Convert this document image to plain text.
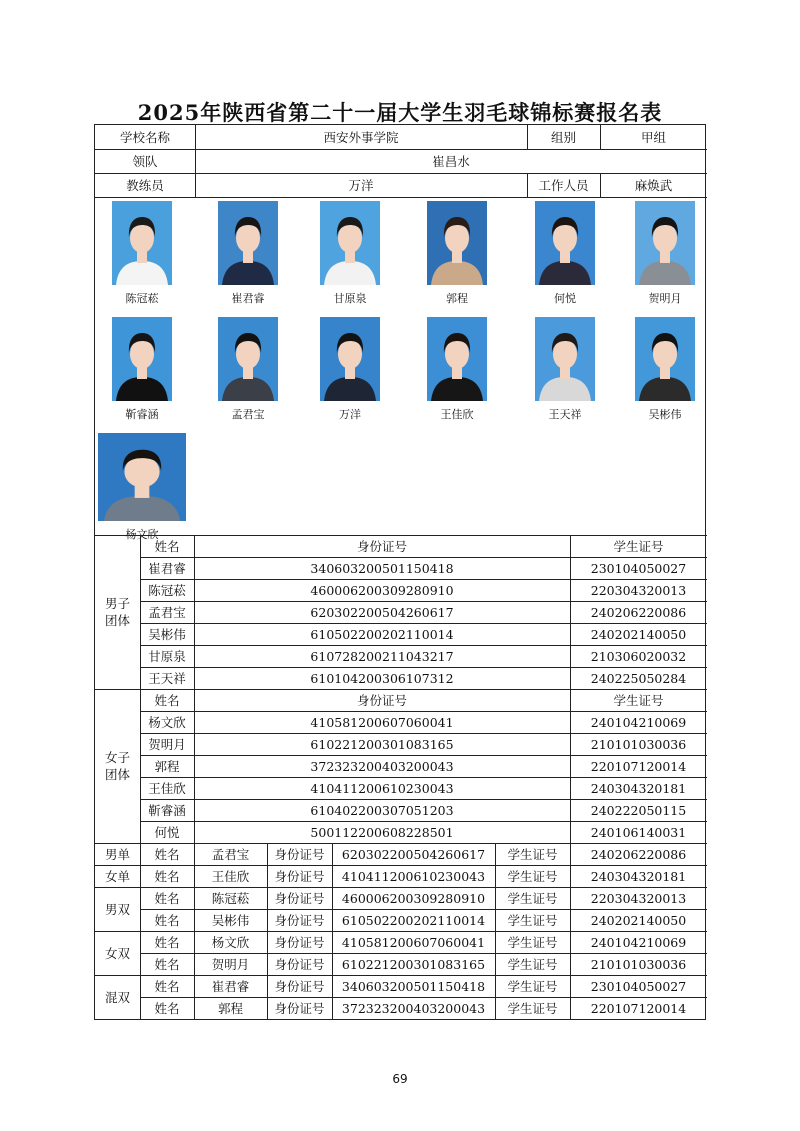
2025年陕西省第二十一届大学生羽毛球锦标赛报名表
学校名称	西安外事学院	组别	甲组
领队	崔昌水
教练员	万洋	工作人员	麻焕武
陈冠菘	崔君睿	甘原泉	郭程	何悦	贺明月
靳睿涵	孟君宝	万洋	王佳欣	王天祥	吴彬伟
杨文欣
男子
团体
姓名	身份证号	学生证号
崔君睿	340603200501150418	230104050027
陈冠菘	460006200309280910	220304320013
孟君宝	620302200504260617	240206220086
吴彬伟	610502200202110014	240202140050
甘原泉	610728200211043217	210306020032
王天祥	610104200306107312	240225050284
女子
团体
姓名	身份证号	学生证号
杨文欣	410581200607060041	240104210069
贺明月	610221200301083165	210101030036
郭程	372323200403200043	220107120014
王佳欣	410411200610230043	240304320181
靳睿涵	610402200307051203	240222050115
何悦	500112200608228501	240106140031
男单	姓名	孟君宝	身份证号	620302200504260617	学生证号	240206220086
女单	姓名	王佳欣	身份证号	410411200610230043	学生证号	240304320181
男双
姓名	陈冠菘	身份证号	460006200309280910	学生证号	220304320013
姓名	吴彬伟	身份证号	610502200202110014	学生证号	240202140050
女双
姓名	杨文欣	身份证号	410581200607060041	学生证号	240104210069
姓名	贺明月	身份证号	610221200301083165	学生证号	210101030036
混双
姓名	崔君睿	身份证号	340603200501150418	学生证号	230104050027
姓名	郭程	身份证号	372323200403200043	学生证号	220107120014
69
